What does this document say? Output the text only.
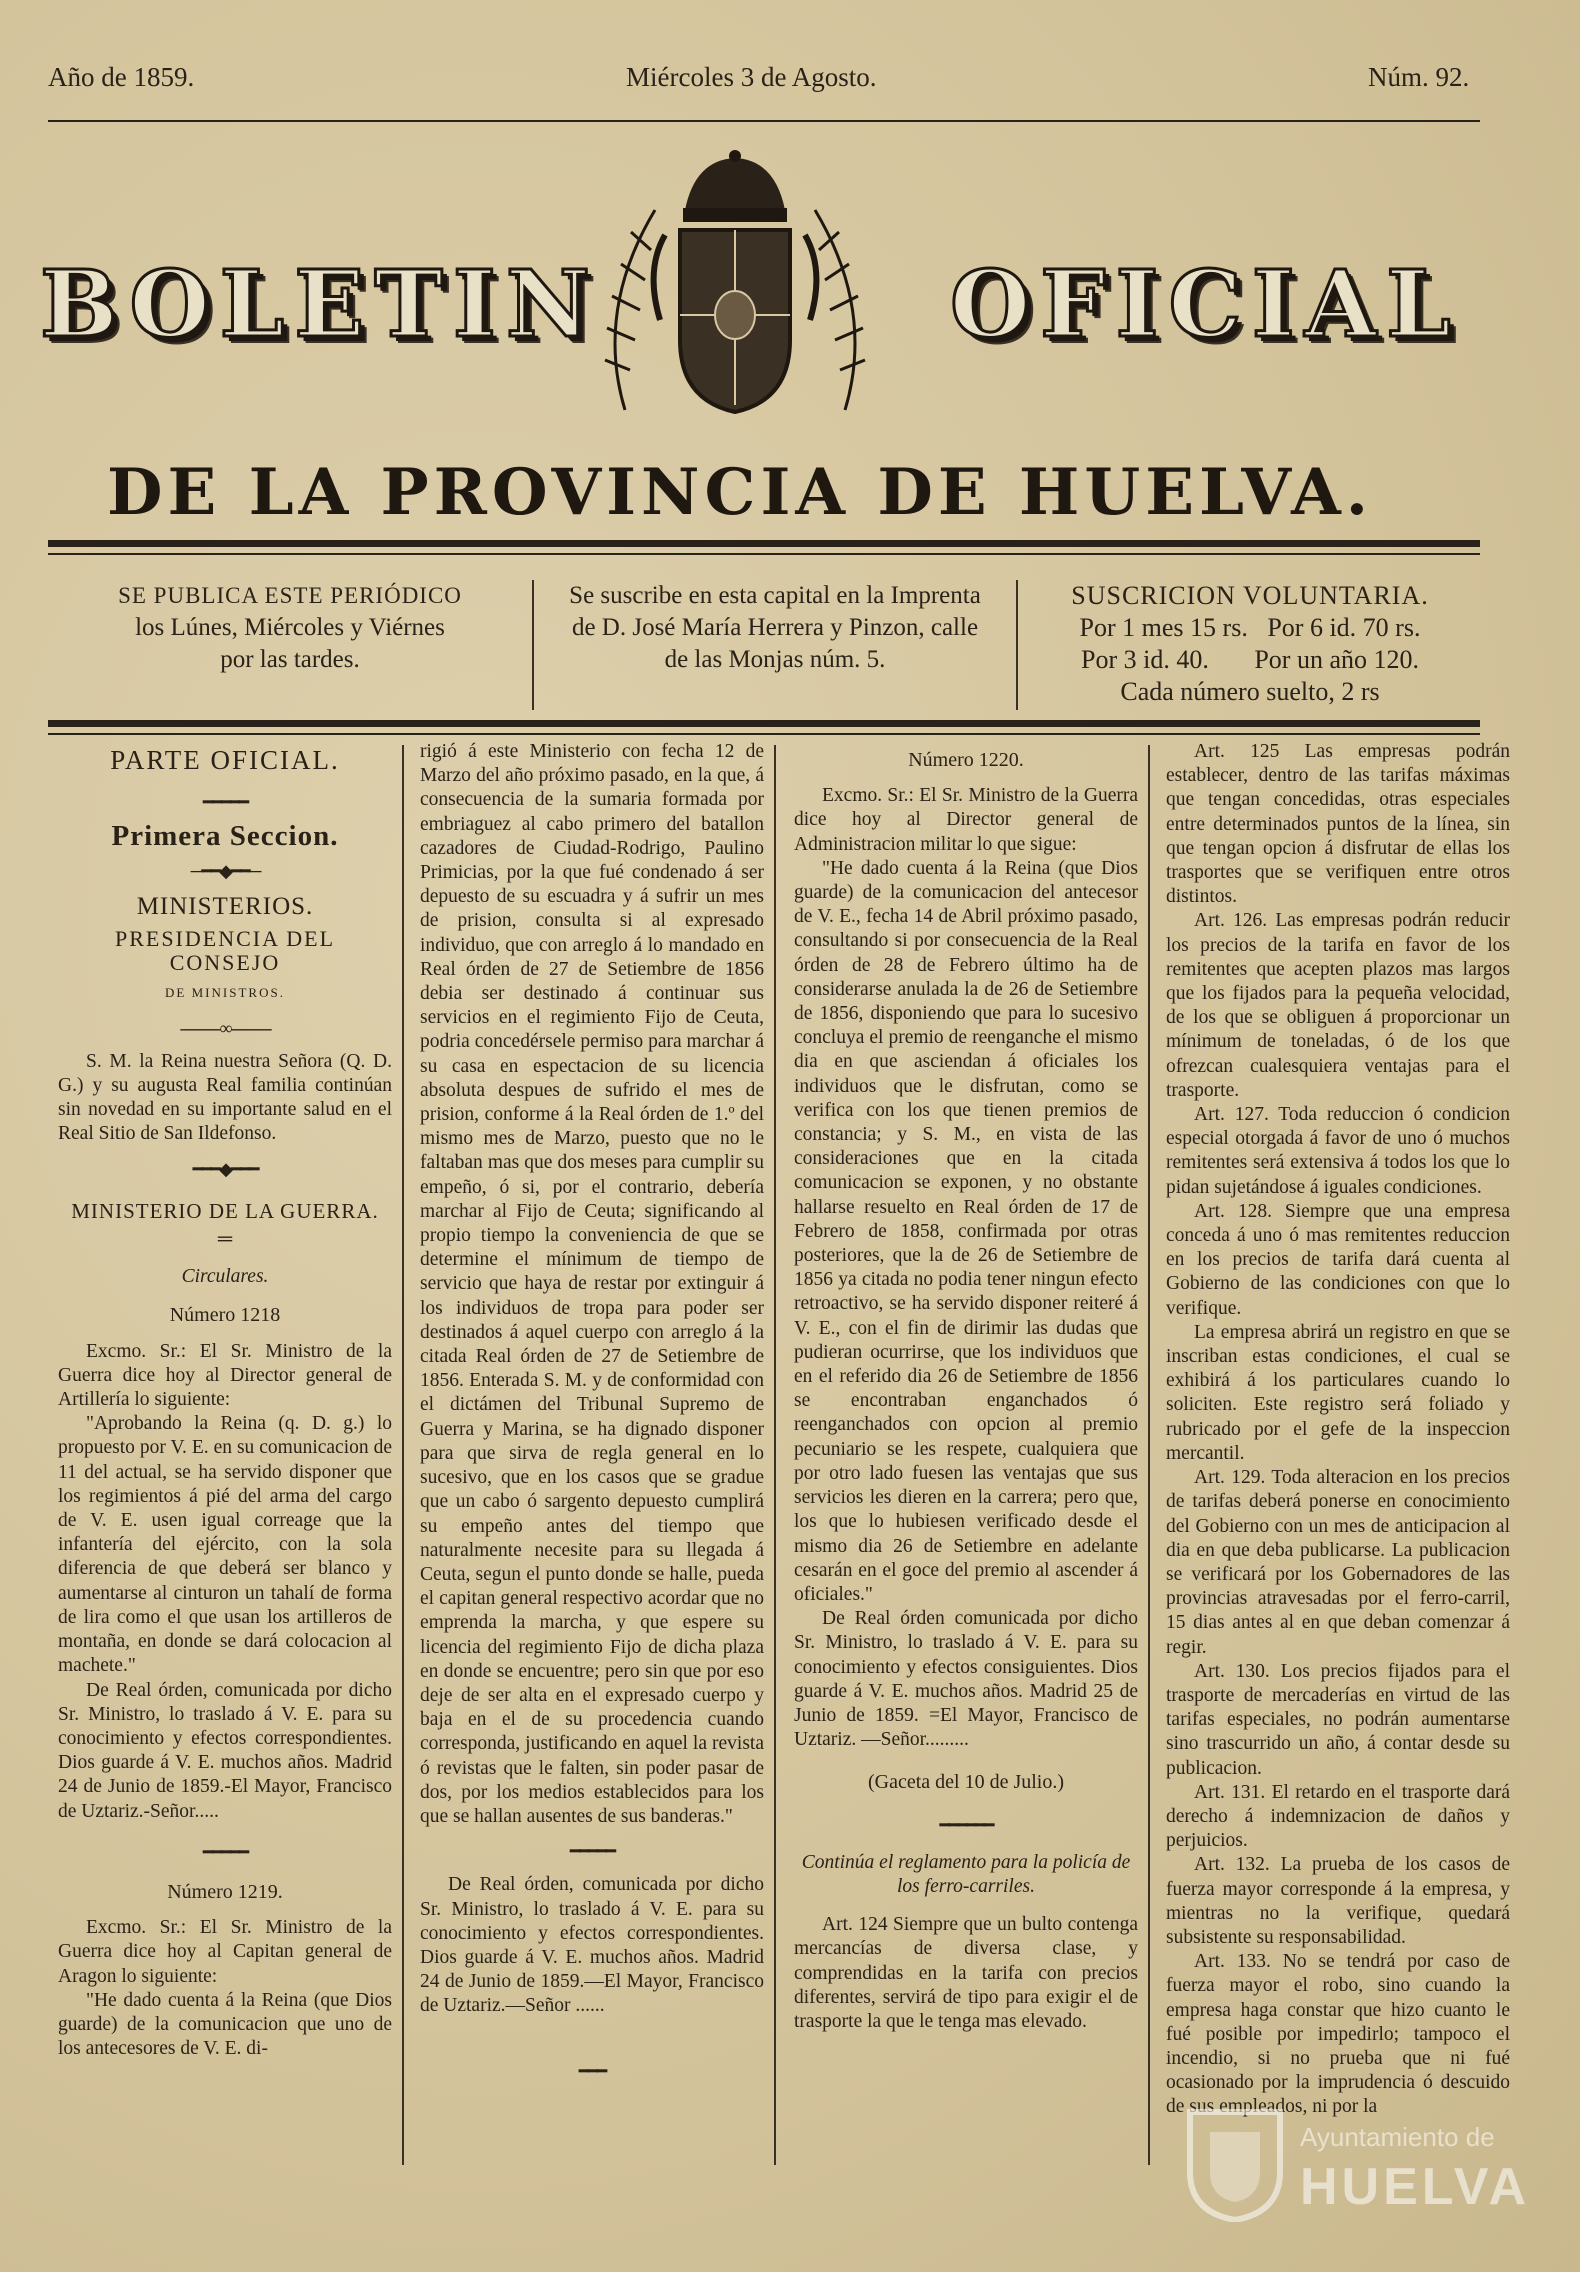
Año de 1859.	Miércoles 3 de Agosto.	Núm. 92.
BOLETIN	OFICIAL
DE LA PROVINCIA DE HUELVA.
SE PUBLICA ESTE PERIÓDICO
los Lúnes, Miércoles y Viérnes
por las tardes.
Se suscribe en esta capital en la Imprenta
de D. José María Herrera y Pinzon, calle
de las Monjas núm. 5.
SUSCRICION VOLUNTARIA.
Por 1 mes 15 rs.   Por 6 id. 70 rs.
Por 3 id. 40.       Por un año 120.
Cada número suelto, 2 rs
PARTE OFICIAL.
━━━━━
Primera Seccion.
─━━◆━━─
MINISTERIOS.
PRESIDENCIA DEL CONSEJO
DE MINISTROS.
----------∞----------

S. M. la Reina nuestra Señora (Q. D. G.) y su augusta Real familia continúan sin novedad en su importante salud en el Real Sitio de San Ildefonso.

━━━◆━━━
MINISTERIO DE LA GUERRA.
═
Circulares.
Número 1218

Excmo. Sr.: El Sr. Ministro de la Guerra dice hoy al Director general de Artillería lo siguiente:

"Aprobando la Reina (q. D. g.) lo propuesto por V. E. en su comunicacion de 11 del actual, se ha servido disponer que los regimientos á pié del arma del cargo de V. E. usen igual correage que la infantería del ejército, con la sola diferencia de que deberá ser blanco y aumentarse al cinturon un tahalí de forma de lira como el que usan los artilleros de montaña, en donde se dará colocacion al machete."

De Real órden, comunicada por dicho Sr. Ministro, lo traslado á V. E. para su conocimiento y efectos correspondientes. Dios guarde á V. E. muchos años. Madrid 24 de Junio de 1859.-El Mayor, Francisco de Uztariz.-Señor.....

━━━━━
Número 1219.

Excmo. Sr.: El Sr. Ministro de la Guerra dice hoy al Capitan general de Aragon lo siguiente:

"He dado cuenta á la Reina (que Dios guarde) de la comunicacion que uno de los antecesores de V. E. di-

rigió á este Ministerio con fecha 12 de Marzo del año próximo pasado, en la que, á consecuencia de la sumaria formada por embriaguez al cabo primero del batallon cazadores de Ciudad-Rodrigo, Paulino Primicias, por la que fué condenado á ser depuesto de su escuadra y á sufrir un mes de prision, consulta si al expresado individuo, que con arreglo á lo mandado en Real órden de 27 de Setiembre de 1856 debia ser destinado á continuar sus servicios en el regimiento Fijo de Ceuta, podria concedérsele permiso para marchar á su casa en espectacion de su licencia absoluta despues de sufrido el mes de prision, conforme á la Real órden de 1.º del mismo mes de Marzo, puesto que no le faltaban mas que dos meses para cumplir su empeño, ó si, por el contrario, debería marchar al Fijo de Ceuta; significando al propio tiempo la conveniencia de que se determine el mínimum de tiempo de servicio que haya de restar por extinguir á los individuos de tropa para poder ser destinados á aquel cuerpo con arreglo á la citada Real órden de 27 de Setiembre de 1856. Enterada S. M. y de conformidad con el dictámen del Tribunal Supremo de Guerra y Marina, se ha dignado disponer para que sirva de regla general en lo sucesivo, que en los casos que se gradue que un cabo ó sargento depuesto cumplirá su empeño antes del tiempo que naturalmente necesite para su llegada á Ceuta, segun el punto donde se halle, pueda el capitan general respectivo acordar que no emprenda la marcha, y que espere su licencia del regimiento Fijo de dicha plaza en donde se encuentre; pero sin que por eso deje de ser alta en el expresado cuerpo y baja en el de su procedencia cuando corresponda, justificando en aquel la revista ó revistas que le falten, sin poder pasar de dos, por los medios establecidos para los que se hallan ausentes de sus banderas."

━━━━━

De Real órden, comunicada por dicho Sr. Ministro, lo traslado á V. E. para su conocimiento y efectos correspondientes. Dios guarde á V. E. muchos años. Madrid 24 de Junio de 1859.—El Mayor, Francisco de Uztariz.—Señor ......

━━━
Número 1220.

Excmo. Sr.: El Sr. Ministro de la Guerra dice hoy al Director general de Administracion militar lo que sigue:

"He dado cuenta á la Reina (que Dios guarde) de la comunicacion del antecesor de V. E., fecha 14 de Abril próximo pasado, consultando si por consecuencia de la Real órden de 28 de Febrero último ha de considerarse anulada la de 26 de Setiembre de 1856, disponiendo que para lo sucesivo concluya el premio de reenganche el mismo dia en que asciendan á oficiales los individuos que le disfrutan, como se verifica con los que tienen premios de constancia; y S. M., en vista de las consideraciones que en la citada comunicacion se exponen, y no obstante hallarse resuelto en Real órden de 17 de Febrero de 1858, confirmada por otras posteriores, que la de 26 de Setiembre de 1856 ya citada no podia tener ningun efecto retroactivo, se ha servido disponer reiteré á V. E., con el fin de dirimir las dudas que pudieran ocurrirse, que los individuos que en el referido dia 26 de Setiembre de 1856 se encontraban enganchados ó reenganchados con opcion al premio pecuniario se les respete, cualquiera que por otro lado fuesen las ventajas que sus servicios les dieren en la carrera; pero que, los que lo hubiesen verificado desde el mismo dia 26 de Setiembre en adelante cesarán en el goce del premio al ascender á oficiales."

De Real órden comunicada por dicho Sr. Ministro, lo traslado á V. E. para su conocimiento y efectos consiguientes. Dios guarde á V. E. muchos años. Madrid 25 de Junio de 1859. =El Mayor, Francisco de Uztariz. —Señor.........

(Gaceta del 10 de Julio.)
━━━━━━
Continúa el reglamento para la policía de los ferro-carriles.

Art. 124 Siempre que un bulto contenga mercancías de diversa clase, y comprendidas en la tarifa con precios diferentes, servirá de tipo para exigir el de trasporte la que le tenga mas elevado.

Art. 125 Las empresas podrán establecer, dentro de las tarifas máximas que tengan concedidas, otras especiales entre determinados puntos de la línea, sin que tengan opcion á disfrutar de ellas los trasportes que se verifiquen entre otros distintos.

Art. 126. Las empresas podrán reducir los precios de la tarifa en favor de los remitentes que acepten plazos mas largos que los fijados para la pequeña velocidad, de los que se obliguen á proporcionar un mínimum de toneladas, ó de los que ofrezcan cualesquiera ventajas para el trasporte.

Art. 127. Toda reduccion ó condicion especial otorgada á favor de uno ó muchos remitentes será extensiva á todos los que lo pidan sujetándose á iguales condiciones.

Art. 128. Siempre que una empresa conceda á uno ó mas remitentes reduccion en los precios de tarifa dará cuenta al Gobierno de las condiciones con que lo verifique.

La empresa abrirá un registro en que se inscriban estas condiciones, el cual se exhibirá á los particulares cuando lo soliciten. Este registro será foliado y rubricado por el gefe de la inspeccion mercantil.

Art. 129. Toda alteracion en los precios de tarifas deberá ponerse en conocimiento del Gobierno con un mes de anticipacion al dia en que deba publicarse. La publicacion se verificará por los Gobernadores de las provincias atravesadas por el ferro-carril, 15 dias antes al en que deban comenzar á regir.

Art. 130. Los precios fijados para el trasporte de mercaderías en virtud de las tarifas especiales, no podrán aumentarse sino trascurrido un año, á contar desde su publicacion.

Art. 131. El retardo en el trasporte dará derecho á indemnizacion de daños y perjuicios.

Art. 132. La prueba de los casos de fuerza mayor corresponde á la empresa, y mientras no la verifique, quedará subsistente su responsabilidad.

Art. 133. No se tendrá por caso de fuerza mayor el robo, sino cuando la empresa haga constar que hizo cuanto le fué posible por impedirlo; tampoco el incendio, si no prueba que ni fué ocasionado por la imprudencia ó descuido de sus empleados, ni por la

Ayuntamiento de
HUELVA
